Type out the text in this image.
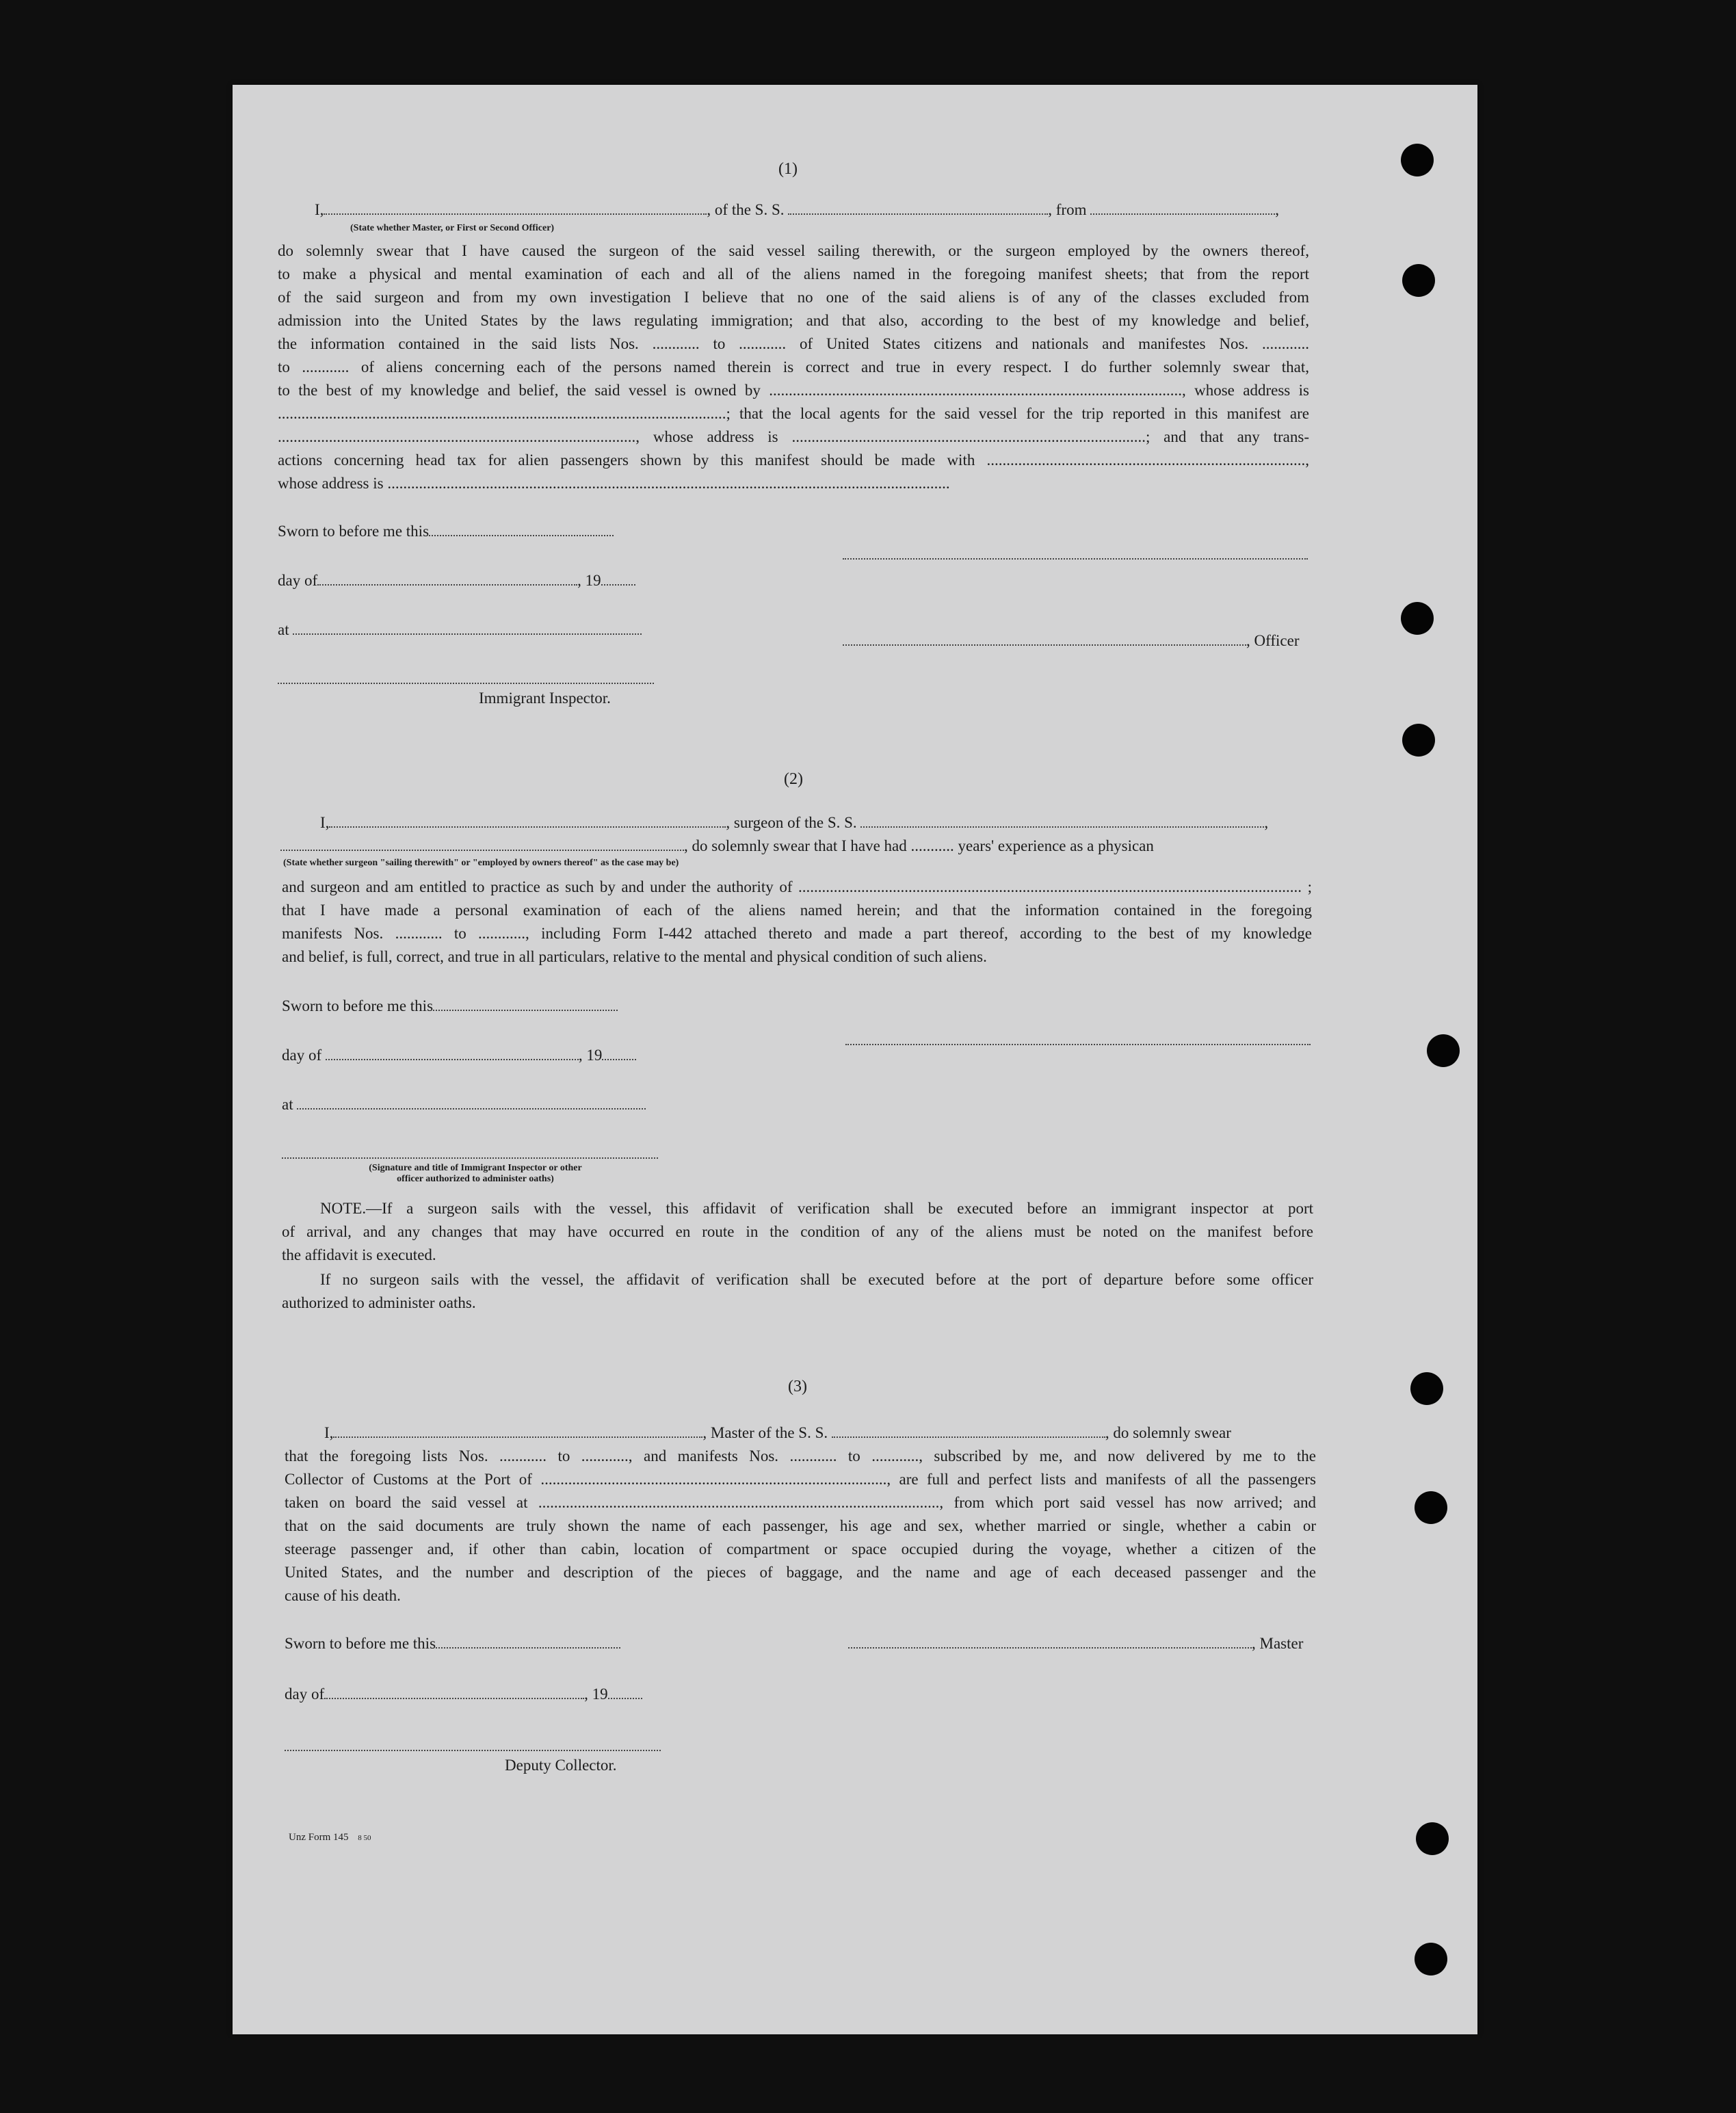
(1)
I,	, of the S. S.	, from	,
(State whether Master, or First or Second Officer)
do solemnly swear that I have caused the surgeon of the said vessel sailing therewith, or the surgeon employed by the owners thereof,
to make a physical and mental examination of each and all of the aliens named in the foregoing manifest sheets; that from the report
of the said surgeon and from my own investigation I believe that no one of the said aliens is of any of the classes excluded from
admission into the United States by the laws regulating immigration; and that also, according to the best of my knowledge and belief,
the information contained in the said lists Nos. ............ to ............ of United States citizens and nationals and manifestes Nos. ............
to ............ of aliens concerning each of the persons named therein is correct and true in every respect. I do further solemnly swear that,
to the best of my knowledge and belief, the said vessel is owned by ........................................................................................................., whose address is
..................................................................................................................; that the local agents for the said vessel for the trip reported in this manifest are
..........................................................................................., whose address is ..........................................................................................; and that any trans-
actions concerning head tax for alien passengers shown by this manifest should be made with .................................................................................,
whose address is ...............................................................................................................................................
Sworn to before me this
day of	, 19
at
, Officer
Immigrant Inspector.
(2)
I,	, surgeon of the S. S.	,
, do solemnly swear that I have had ........... years' experience as a physican
(State whether surgeon "sailing therewith" or "employed by owners thereof" as the case may be)
and surgeon and am entitled to practice as such by and under the authority of ................................................................................................................................ ;
that I have made a personal examination of each of the aliens named herein; and that the information contained in the foregoing
manifests Nos. ............ to ............, including Form I-442 attached thereto and made a part thereof, according to the best of my knowledge
and belief, is full, correct, and true in all particulars, relative to the mental and physical condition of such aliens.
Sworn to before me this
day of	, 19
at
(Signature and title of Immigrant Inspector or other
officer authorized to administer oaths)
NOTE.—If a surgeon sails with the vessel, this affidavit of verification shall be executed before an immigrant inspector at port
of arrival, and any changes that may have occurred en route in the condition of any of the aliens must be noted on the manifest before
the affidavit is executed.
If no surgeon sails with the vessel, the affidavit of verification shall be executed before at the port of departure before some officer
authorized to administer oaths.
(3)
I,	, Master of the S. S.	, do solemnly swear
that the foregoing lists Nos. ............ to ............, and manifests Nos. ............ to ............, subscribed by me, and now delivered by me to the
Collector of Customs at the Port of ........................................................................................, are full and perfect lists and manifests of all the passengers
taken on board the said vessel at ......................................................................................................, from which port said vessel has now arrived; and
that on the said documents are truly shown the name of each passenger, his age and sex, whether married or single, whether a cabin or
steerage passenger and, if other than cabin, location of compartment or space occupied during the voyage, whether a citizen of the
United States, and the number and description of the pieces of baggage, and the name and age of each deceased passenger and the
cause of his death.
Sworn to before me this	, Master
day of	, 19
Deputy Collector.
Unz Form 145 8 50
